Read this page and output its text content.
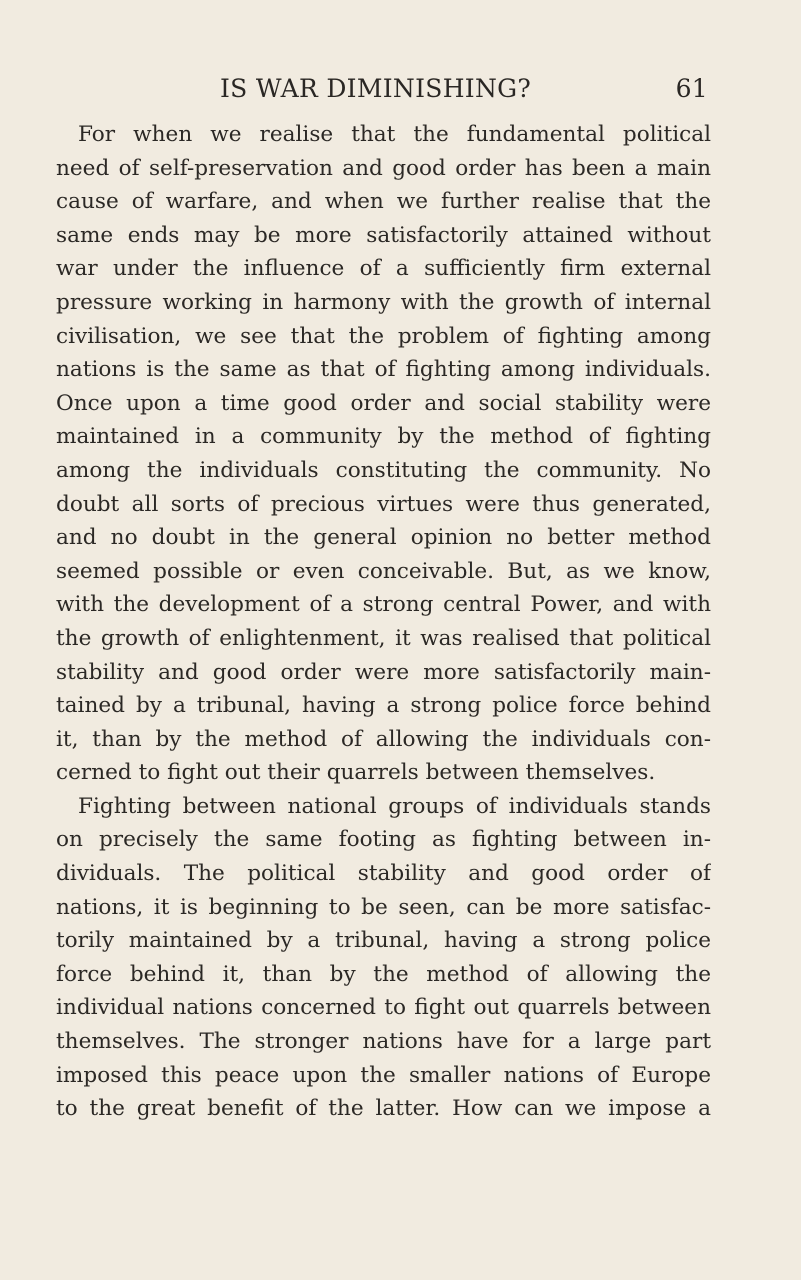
IS WAR DIMINISHING?	61
For when we realise that the fundamental political
need of self-preservation and good order has been a main
cause of warfare, and when we further realise that the
same ends may be more satisfactorily attained without
war under the influence of a sufficiently firm external
pressure working in harmony with the growth of internal
civilisation, we see that the problem of fighting among
nations is the same as that of fighting among individuals.
Once upon a time good order and social stability were
maintained in a community by the method of fighting
among the individuals constituting the community. No
doubt all sorts of precious virtues were thus generated,
and no doubt in the general opinion no better method
seemed possible or even conceivable. But, as we know,
with the development of a strong central Power, and with
the growth of enlightenment, it was realised that political
stability and good order were more satisfactorily main-
tained by a tribunal, having a strong police force behind
it, than by the method of allowing the individuals con-
cerned to fight out their quarrels between themselves.
Fighting between national groups of individuals stands
on precisely the same footing as fighting between in-
dividuals. The political stability and good order of
nations, it is beginning to be seen, can be more satisfac-
torily maintained by a tribunal, having a strong police
force behind it, than by the method of allowing the
individual nations concerned to fight out quarrels between
themselves. The stronger nations have for a large part
imposed this peace upon the smaller nations of Europe
to the great benefit of the latter. How can we impose a
